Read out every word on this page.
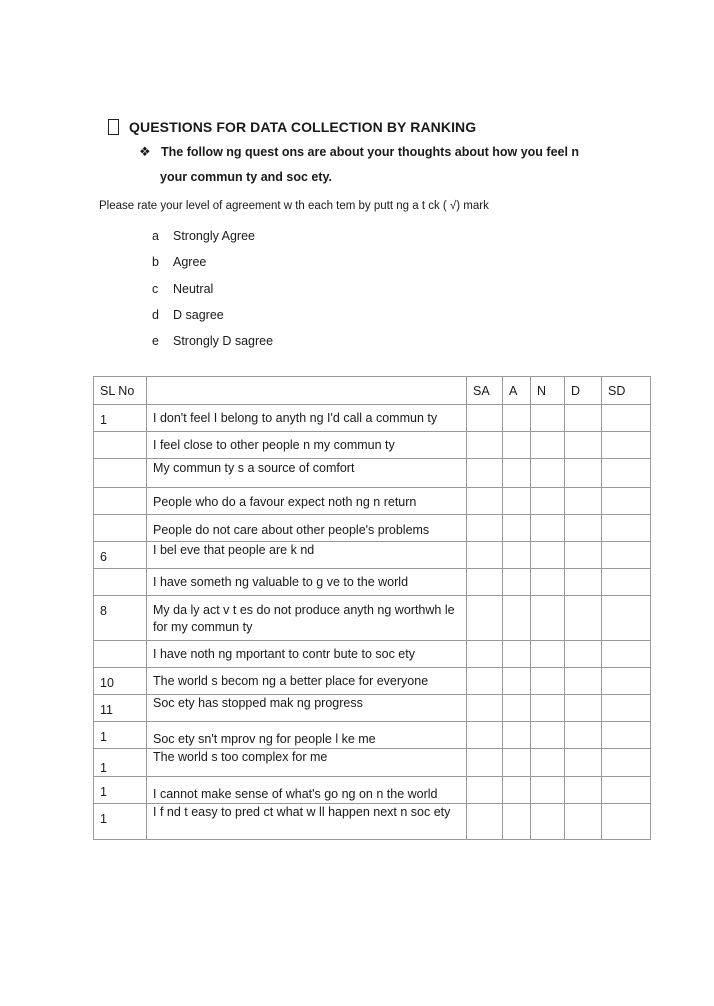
QUESTIONS FOR DATA COLLECTION BY RANKING
❖ The follow ng quest ons are about your thoughts about how you feel n
your commun ty and soc ety.
Please rate your level of agreement w th each tem by putt ng a t ck ( √) mark
a	Strongly Agree
b	Agree
c	Neutral
d	D sagree
e	Strongly D sagree
SL No		SA	A	N	D	SD
1	I don't feel I belong to anyth ng I'd call a commun ty					
	I feel close to other people n my commun ty					
	My commun ty s a source of comfort					
	People who do a favour expect noth ng n return					
	People do not care about other people's problems					
6	I bel eve that people are k nd					
	I have someth ng valuable to g ve to the world					
8	My da ly act v t es do not produce anyth ng worthwh le for my commun ty					
	I have noth ng mportant to contr bute to soc ety					
10	The world s becom ng a better place for everyone					
11	Soc ety has stopped mak ng progress					
1	Soc ety sn't mprov ng for people l ke me					
1	The world s too complex for me					
1	I cannot make sense of what's go ng on n the world					
1	I f nd t easy to pred ct what w ll happen next n soc ety					
